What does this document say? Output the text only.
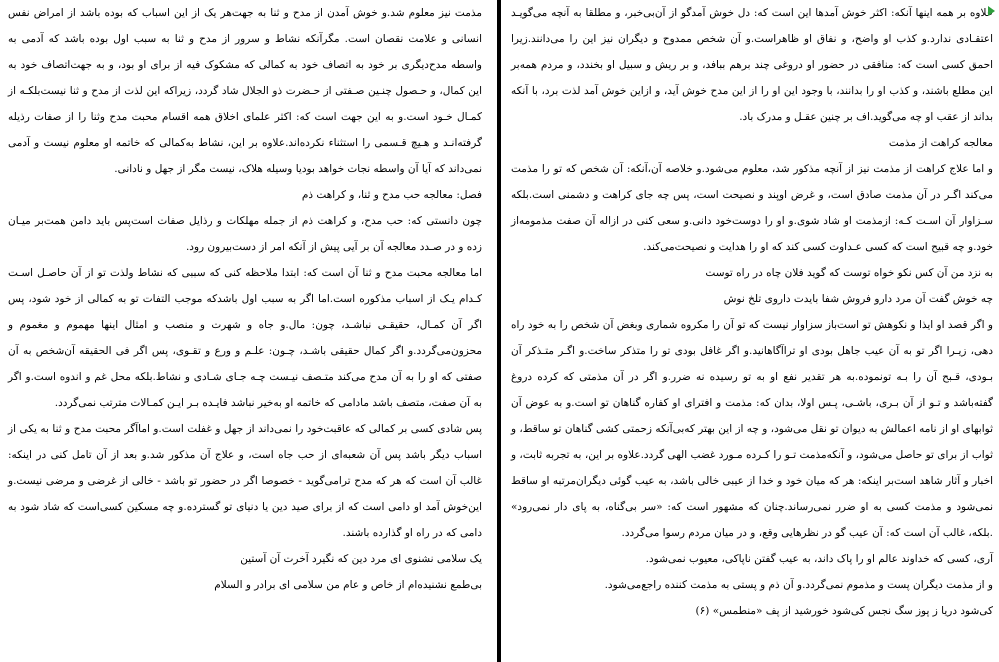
علاوه بر همه اینها آنکه: اکثر خوش آمدها این است که: دل خوش آمدگو از آن‌بی‌خبر، و مطلقا به آنچه می‌گویـد اعتقـادی ندارد.و کذب او واضح، و نفاق او ظاهراست.و آن شخص ممدوح و دیگران نیز این را می‌دانند.زیرا احمق کسی است که: منافقی در حضور او دروغی چند برهم ببافد، و بر ریش و سبیل او بخندد، و مردم همه‌بر این مطلع باشند، و کذب او را بدانند، با وجود این او را از این مدح خوش آید، و ازاین خوش آمد لذت برد، با آنکه بداند از عقب او چه می‌گوید.اف بر چنین عقـل و مدرک باد.

معالجه کراهت از مذمت

و اما علاج کراهت از مذمت نیز از آنچه مذکور شد، معلوم می‌شود.و خلاصه آن،آنکه: آن شخص که تو را مذمت می‌کند اگـر در آن مذمت صادق است، و غرض اوپند و نصیحت است، پس چه جای کراهت و دشمنی است.بلکه سـزاوار آن اسـت کـه: ازمذمت او شاد شوی.و او را دوست‌خود دانی.و سعی کنی در ازاله آن صفت مذمومه‌از خود.و چه قبیح است که کسی عـداوت کسی کند که او را هدایت و نصیحت‌می‌کند.

به نزد من آن کس نکو خواه توست که گوید فلان چاه در راه توست

چه خوش گفت آن مرد دارو فروش شفا بایدت داروی تلخ نوش

و اگر قصد او ایذا و نکوهش تو است‌باز سزاوار نیست که تو آن را مکروه شماری وبغض آن شخص را به خود راه دهی، زیـرا اگر تو به آن عیب جاهل بودی او تراآگاهانید.و اگر غافل بودی تو را متذکر ساخت.و اگـر متـذکر آن بـودی، قـبح آن را بـه تونموده.به هر تقدیر نفع او به تو رسیده نه ضرر.و اگر در آن مذمتی که کرده دروغ گفته‌باشد و تـو از آن بـری، باشـی، پـس اولا، بدان که: مذمت و افترای او کفاره گناهان تو است.و به عوض آن ثوابهای او از نامه اعمالش به دیوان تو نقل می‌شود، و چه از این بهتر که‌بی‌آنکه زحمتی کشی گناهان تو ساقط، و ثواب از برای تو حاصل می‌شود، و آنکه‌مذمت تـو را کـرده مـورد غضب الهی گردد.علاوه بر این، به تجربه ثابت، و اخبار و آثار شاهد است‌بر اینکه: هر که میان خود و خدا از عیبی خالی باشد، به عیب گوئی دیگران‌مرتبه او ساقط نمی‌شود و مذمت کسی به او ضرر نمی‌رساند.چنان که مشهور است که: «سر بی‌گناه، به پای دار نمی‌رود» .بلکه، غالب آن است که: آن عیب گو در نظرهایی وقع، و در میان مردم رسوا می‌گردد.

آری، کسی که خداوند عالم او را پاک داند، به عیب گفتن ناپاکی، معیوب نمی‌شود.

و از مذمت دیگران پست و مذموم نمی‌گردد.و آن ذم و پستی به مذمت کننده راجع‌می‌شود.

کی‌شود دریا ز پوز سگ نجس کی‌شود خورشید از پف «منطمس» (۶)

مذمت نیز معلوم شد.و خوش آمدن از مدح و ثنا به جهت‌هر یک از این اسباب که بوده باشد از امراض نفس انسانی و علامت نقصان است. مگرآنکه نشاط و سرور از مدح و ثنا به سبب اول بوده باشد که آدمی به واسطه مدح‌دیگری بر خود به اتصاف خود به کمالی که مشکوک فیه از برای او بود، و به جهت‌اتصاف خود به این کمال، و حـصول چنـین صـفتی از حـضرت ذو الجلال شاد گردد، زیراکه این لذت از مدح و ثنا نیست‌بلکـه از کمـال خـود است.و به این جهت است که: اکثر علمای اخلاق همه اقسام محبت مدح وثنا را از صفات رذیله گرفته‌انـد و هـیچ قـسمی را استثناء نکرده‌اند.علاوه بر این، نشاط به‌کمالی که خاتمه او معلوم نیست و آدمی نمی‌داند که آیا آن واسطه نجات خواهد بودیا وسیله هلاک، نیست مگر از جهل و نادانی.

فصل: معالجه حب مدح و ثنا، و کراهت ذم

چون دانستی که: حب مدح، و کراهت ذم از جمله مهلکات و رذایل صفات است‌پس باید دامن همت‌بر میـان زده و در صـدد معالجه آن بر آیی پیش از آنکه امر از دست‌بیرون رود.

اما معالجه محبت مدح و ثنا آن است که: ابتدا ملاحظه کنی که سببی که نشاط ولذت تو از آن حاصـل اسـت کـدام یـک از اسباب مذکوره است.اما اگر به سبب اول باشدکه موجب التفات تو به کمالی از خود شود، پس اگر آن کمـال، حقیقـی نباشـد، چون: مال.و جاه و شهرت و منصب و امثال اینها مهموم و مغموم و محزون‌می‌گردد.و اگر کمال حقیقی باشـد، چـون: علـم و ورع و تقـوی، پس اگر فی الحقیقه آن‌شخص به آن صفتی که او را به آن مدح می‌کند متـصف نیـست چـه جـای شـادی و نشاط.بلکه محل غم و اندوه است.و اگر به آن صفت، متصف باشد مادامی که خاتمه او به‌خیر نباشد فایـده بـر ایـن کمـالات مترتب نمی‌گردد.

پس شادی کسی بر کمالی که عاقبت‌خود را نمی‌داند از جهل و غفلت است.و اماآگر محبت مدح و ثنا به یکی از اسباب دیگر باشد پس آن شعبه‌ای از حب جاه است، و علاج آن مذکور شد.و بعد از آن تامل کنی در اینکه: غالب آن است که هر که مدح ترامی‌گوید - خصوصا اگر در حضور تو باشد - خالی از غرضی و مرضی نیست.و این‌خوش آمد او دامی است که از برای صید دین یا دنیای تو گسترده.و چه مسکین کسی‌است که شاد شود به دامی که در راه او گذارده باشند.

یک سلامی نشنوی ای مرد دین که نگیرد آخرت آن آستین

بی‌طمع نشنیده‌ام از خاص و عام من سلامی ای برادر و السلام
